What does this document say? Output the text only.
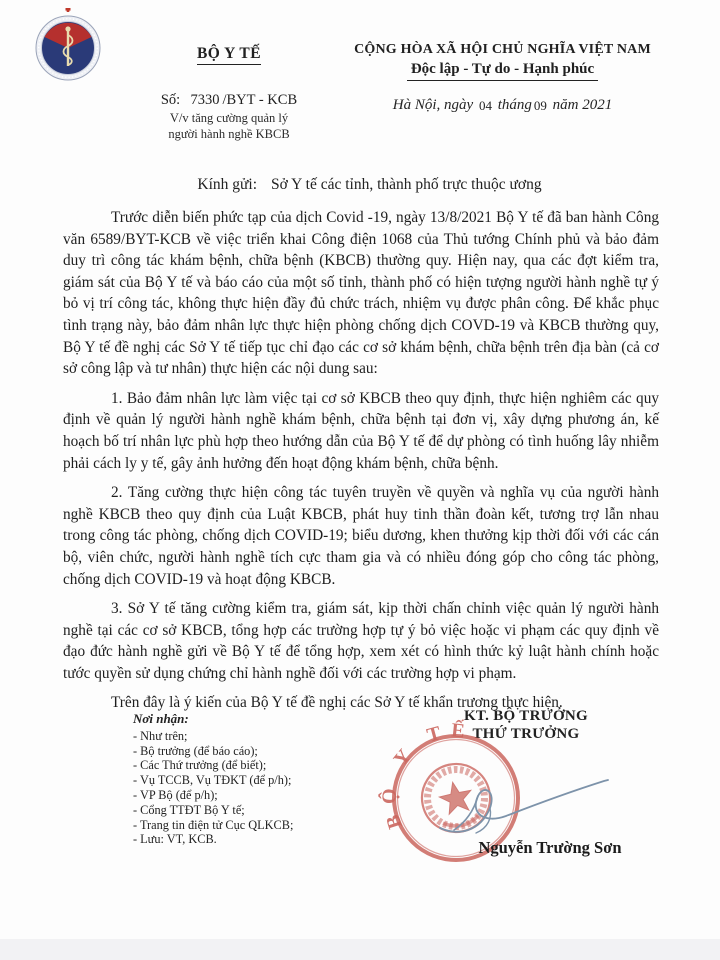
BỘ Y TẾ
Số: 7330 /BYT - KCB
V/v tăng cường quản lý
người hành nghề KBCB
CỘNG HÒA XÃ HỘI CHỦ NGHĨA VIỆT NAM
Độc lập - Tự do - Hạnh phúc
Hà Nội, ngày 04 tháng 09 năm 2021
Kính gửi: Sở Y tế các tỉnh, thành phố trực thuộc ương

Trước diễn biến phức tạp của dịch Covid -19, ngày 13/8/2021 Bộ Y tế đã ban hành Công văn 6589/BYT-KCB về việc triển khai Công điện 1068 của Thủ tướng Chính phủ và bảo đảm duy trì công tác khám bệnh, chữa bệnh (KBCB) thường quy. Hiện nay, qua các đợt kiểm tra, giám sát của Bộ Y tế và báo cáo của một số tỉnh, thành phố có hiện tượng người hành nghề tự ý bỏ vị trí công tác, không thực hiện đầy đủ chức trách, nhiệm vụ được phân công. Để khắc phục tình trạng này, bảo đảm nhân lực thực hiện phòng chống dịch COVD-19 và KBCB thường quy, Bộ Y tế đề nghị các Sở Y tế tiếp tục chỉ đạo các cơ sở khám bệnh, chữa bệnh trên địa bàn (cả cơ sở công lập và tư nhân) thực hiện các nội dung sau:

1. Bảo đảm nhân lực làm việc tại cơ sở KBCB theo quy định, thực hiện nghiêm các quy định về quản lý người hành nghề khám bệnh, chữa bệnh tại đơn vị, xây dựng phương án, kế hoạch bố trí nhân lực phù hợp theo hướng dẫn của Bộ Y tế để dự phòng có tình huống lây nhiễm phải cách ly y tế, gây ảnh hưởng đến hoạt động khám bệnh, chữa bệnh.

2. Tăng cường thực hiện công tác tuyên truyền về quyền và nghĩa vụ của người hành nghề KBCB theo quy định của Luật KBCB, phát huy tinh thần đoàn kết, tương trợ lẫn nhau trong công tác phòng, chống dịch COVID-19; biểu dương, khen thưởng kịp thời đối với các cán bộ, viên chức, người hành nghề tích cực tham gia và có nhiều đóng góp cho công tác phòng, chống dịch COVID-19 và hoạt động KBCB.

3. Sở Y tế tăng cường kiểm tra, giám sát, kịp thời chấn chỉnh việc quản lý người hành nghề tại các cơ sở KBCB, tổng hợp các trường hợp tự ý bỏ việc hoặc vi phạm các quy định về đạo đức hành nghề gửi về Bộ Y tế để tổng hợp, xem xét có hình thức kỷ luật hành chính hoặc tước quyền sử dụng chứng chỉ hành nghề đối với các trường hợp vi phạm.

Trên đây là ý kiến của Bộ Y tế đề nghị các Sở Y tế khẩn trương thực hiện.

Nơi nhận:
- Như trên;
- Bộ trưởng (để báo cáo);
- Các Thứ trưởng (để biết);
- Vụ TCCB, Vụ TĐKT (để p/h);
- VP Bộ (để p/h);
- Cổng TTĐT Bộ Y tế;
- Trang tin điện tử Cục QLKCB;
- Lưu: VT, KCB.
KT. BỘ TRƯỞNG
THỨ TRƯỞNG
BỘ Y TẾ
Nguyễn Trường Sơn
